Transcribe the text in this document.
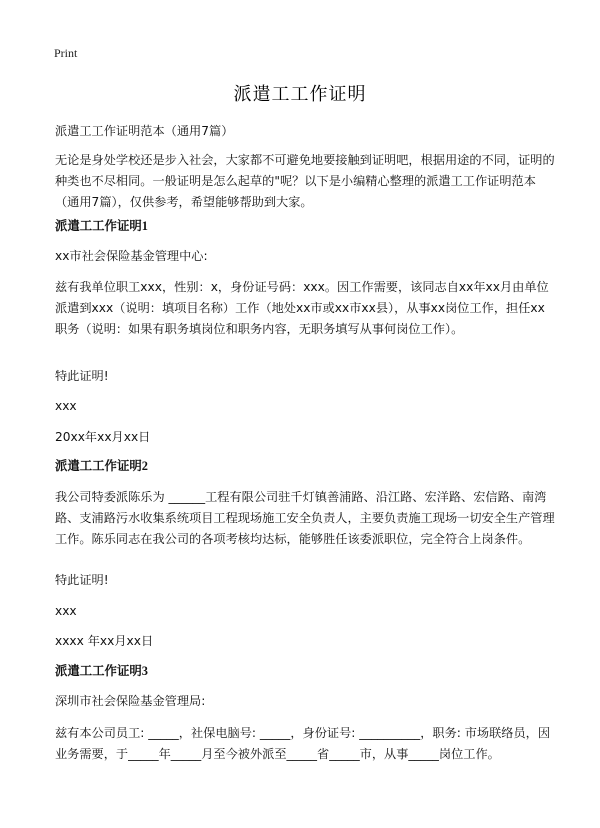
Print
派遣工工作证明
派遣工工作证明范本（通用7篇）
无论是身处学校还是步入社会，大家都不可避免地要接触到证明吧，根据用途的不同，证明的种类也不尽相同。一般证明是怎么起草的"呢？以下是小编精心整理的派遣工工作证明范本（通用7篇），仅供参考，希望能够帮助到大家。
派遣工工作证明1
xx市社会保险基金管理中心:
兹有我单位职工xxx，性别：x，身份证号码：xxx。因工作需要，该同志自xx年xx月由单位派遣到xxx（说明：填项目名称）工作（地处xx市或xx市xx县），从事xx岗位工作，担任xx职务（说明：如果有职务填岗位和职务内容，无职务填写从事何岗位工作）。
特此证明!
xxx
20xx年xx月xx日
派遣工工作证明2
我公司特委派陈乐为 ______工程有限公司驻千灯镇善浦路、沿江路、宏洋路、宏信路、南湾路、支浦路污水收集系统项目工程现场施工安全负责人，主要负责施工现场一切安全生产管理工作。陈乐同志在我公司的各项考核均达标，能够胜任该委派职位，完全符合上岗条件。
特此证明!
xxx
xxxx 年xx月xx日
派遣工工作证明3
深圳市社会保险基金管理局:
兹有本公司员工: _____，社保电脑号: _____，身份证号: __________，职务: 市场联络员，因业务需要，于_____年_____月至今被外派至_____省_____市，从事_____岗位工作。
